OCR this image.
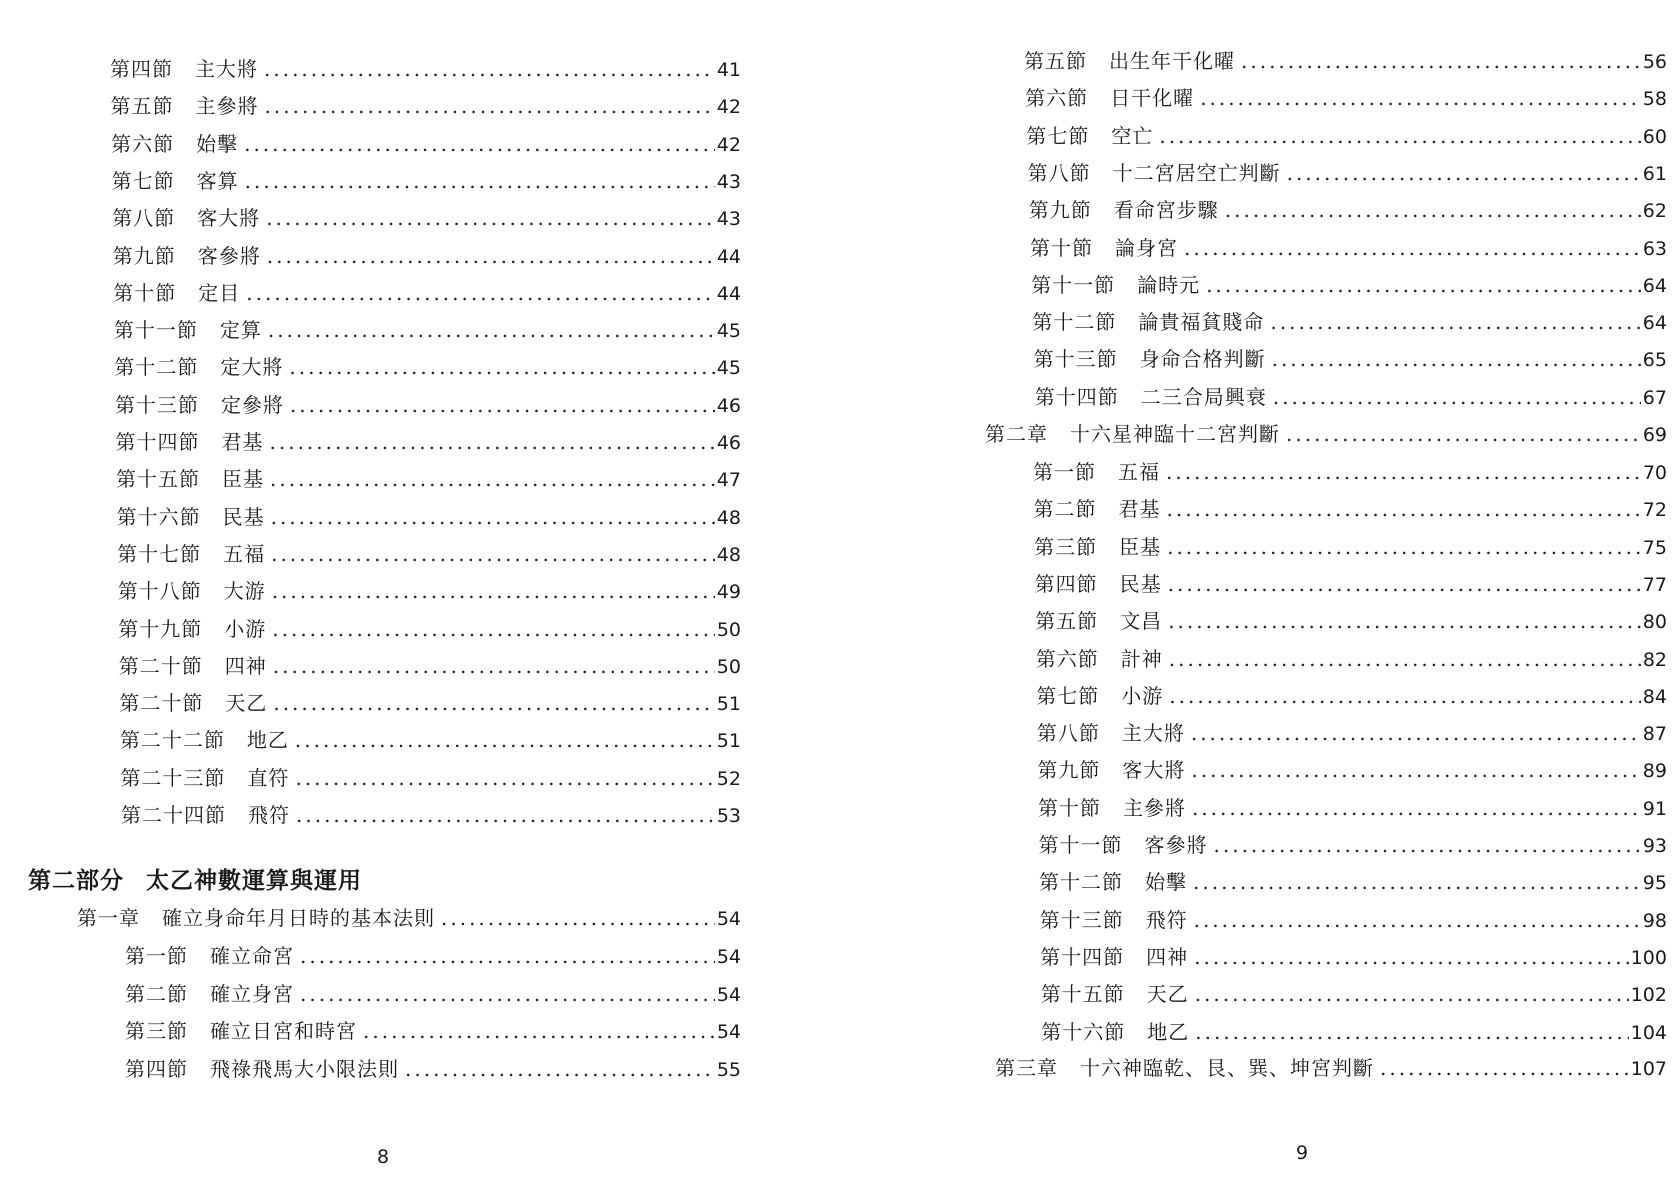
第四節 主大將 .....	41
第五節 主參將 .....	42
第六節 始擊 .....	42
第七節 客算 .....	43
第八節 客大將 .....	43
第九節 客參將 .....	44
第十節 定目 .....	44
第十一節 定算 .....	45
第十二節 定大將 .....	45
第十三節 定參將 .....	46
第十四節 君基 .....	46
第十五節 臣基 .....	47
第十六節 民基 .....	48
第十七節 五福 .....	48
第十八節 大游 .....	49
第十九節 小游 .....	50
第二十節 四神 .....	50
第二十節 天乙 .....	51
第二十二節 地乙 .....	51
第二十三節 直符 .....	52
第二十四節 飛符 .....	53
第一章 確立身命年月日時的基本法則 .....	54
第一節 確立命宮 .....	54
第二節 確立身宮 .....	54
第三節 確立日宮和時宮 .....	54
第四節 飛祿飛馬大小限法則 .....	55
第二部分 太乙神數運算與運用
8
第五節 出生年干化曜 .....	56
第六節 日干化曜 .....	58
第七節 空亡 .....	60
第八節 十二宮居空亡判斷 .....	61
第九節 看命宮步驟 .....	62
第十節 論身宮 .....	63
第十一節 論時元 .....	64
第十二節 論貴福貧賤命 .....	64
第十三節 身命合格判斷 .....	65
第十四節 二三合局興衰 .....	67
第二章 十六星神臨十二宮判斷 .....	69
第一節 五福 .....	70
第二節 君基 .....	72
第三節 臣基 .....	75
第四節 民基 .....	77
第五節 文昌 .....	80
第六節 計神 .....	82
第七節 小游 .....	84
第八節 主大將 .....	87
第九節 客大將 .....	89
第十節 主參將 .....	91
第十一節 客參將 .....	93
第十二節 始擊 .....	95
第十三節 飛符 .....	98
第十四節 四神 .....	100
第十五節 天乙 .....	102
第十六節 地乙 .....	104
第三章 十六神臨乾、艮、巽、坤宮判斷 .....	107
9
